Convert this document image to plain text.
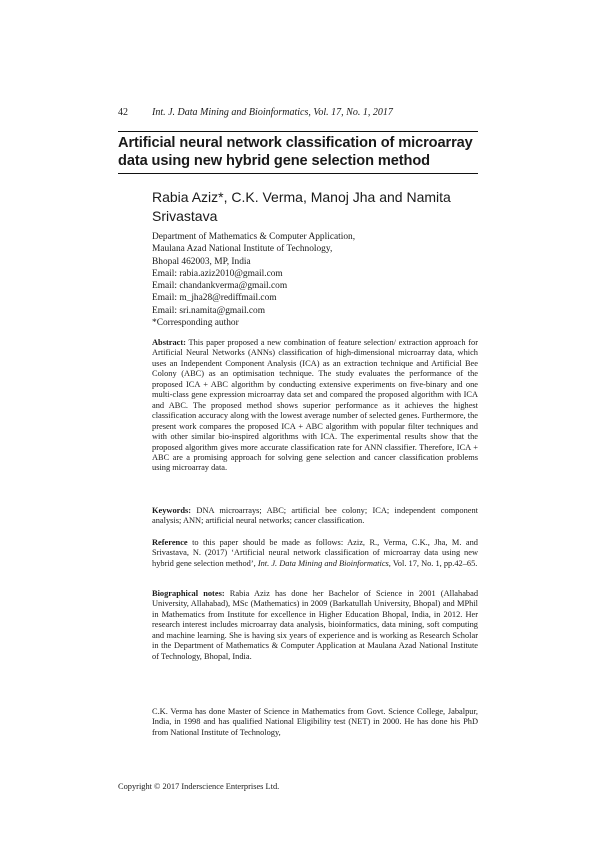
42 Int. J. Data Mining and Bioinformatics, Vol. 17, No. 1, 2017
Artificial neural network classification of microarray data using new hybrid gene selection method
Rabia Aziz*, C.K. Verma, Manoj Jha and Namita Srivastava
Department of Mathematics & Computer Application,
Maulana Azad National Institute of Technology,
Bhopal 462003, MP, India
Email: rabia.aziz2010@gmail.com
Email: chandankverma@gmail.com
Email: m_jha28@rediffmail.com
Email: sri.namita@gmail.com
*Corresponding author
Abstract: This paper proposed a new combination of feature selection/ extraction approach for Artificial Neural Networks (ANNs) classification of high-dimensional microarray data, which uses an Independent Component Analysis (ICA) as an extraction technique and Artificial Bee Colony (ABC) as an optimisation technique. The study evaluates the performance of the proposed ICA + ABC algorithm by conducting extensive experiments on five-binary and one multi-class gene expression microarray data set and compared the proposed algorithm with ICA and ABC. The proposed method shows superior performance as it achieves the highest classification accuracy along with the lowest average number of selected genes. Furthermore, the present work compares the proposed ICA + ABC algorithm with popular filter techniques and with other similar bio-inspired algorithms with ICA. The experimental results show that the proposed algorithm gives more accurate classification rate for ANN classifier. Therefore, ICA + ABC are a promising approach for solving gene selection and cancer classification problems using microarray data.
Keywords: DNA microarrays; ABC; artificial bee colony; ICA; independent component analysis; ANN; artificial neural networks; cancer classification.
Reference to this paper should be made as follows: Aziz, R., Verma, C.K., Jha, M. and Srivastava, N. (2017) ‘Artificial neural network classification of microarray data using new hybrid gene selection method’, Int. J. Data Mining and Bioinformatics, Vol. 17, No. 1, pp.42–65.
Biographical notes: Rabia Aziz has done her Bachelor of Science in 2001 (Allahabad University, Allahabad), MSc (Mathematics) in 2009 (Barkatullah University, Bhopal) and MPhil in Mathematics from Institute for excellence in Higher Education Bhopal, India, in 2012. Her research interest includes microarray data analysis, bioinformatics, data mining, soft computing and machine learning. She is having six years of experience and is working as Research Scholar in the Department of Mathematics & Computer Application at Maulana Azad National Institute of Technology, Bhopal, India.
C.K. Verma has done Master of Science in Mathematics from Govt. Science College, Jabalpur, India, in 1998 and has qualified National Eligibility test (NET) in 2000. He has done his PhD from National Institute of Technology,
Copyright © 2017 Inderscience Enterprises Ltd.
